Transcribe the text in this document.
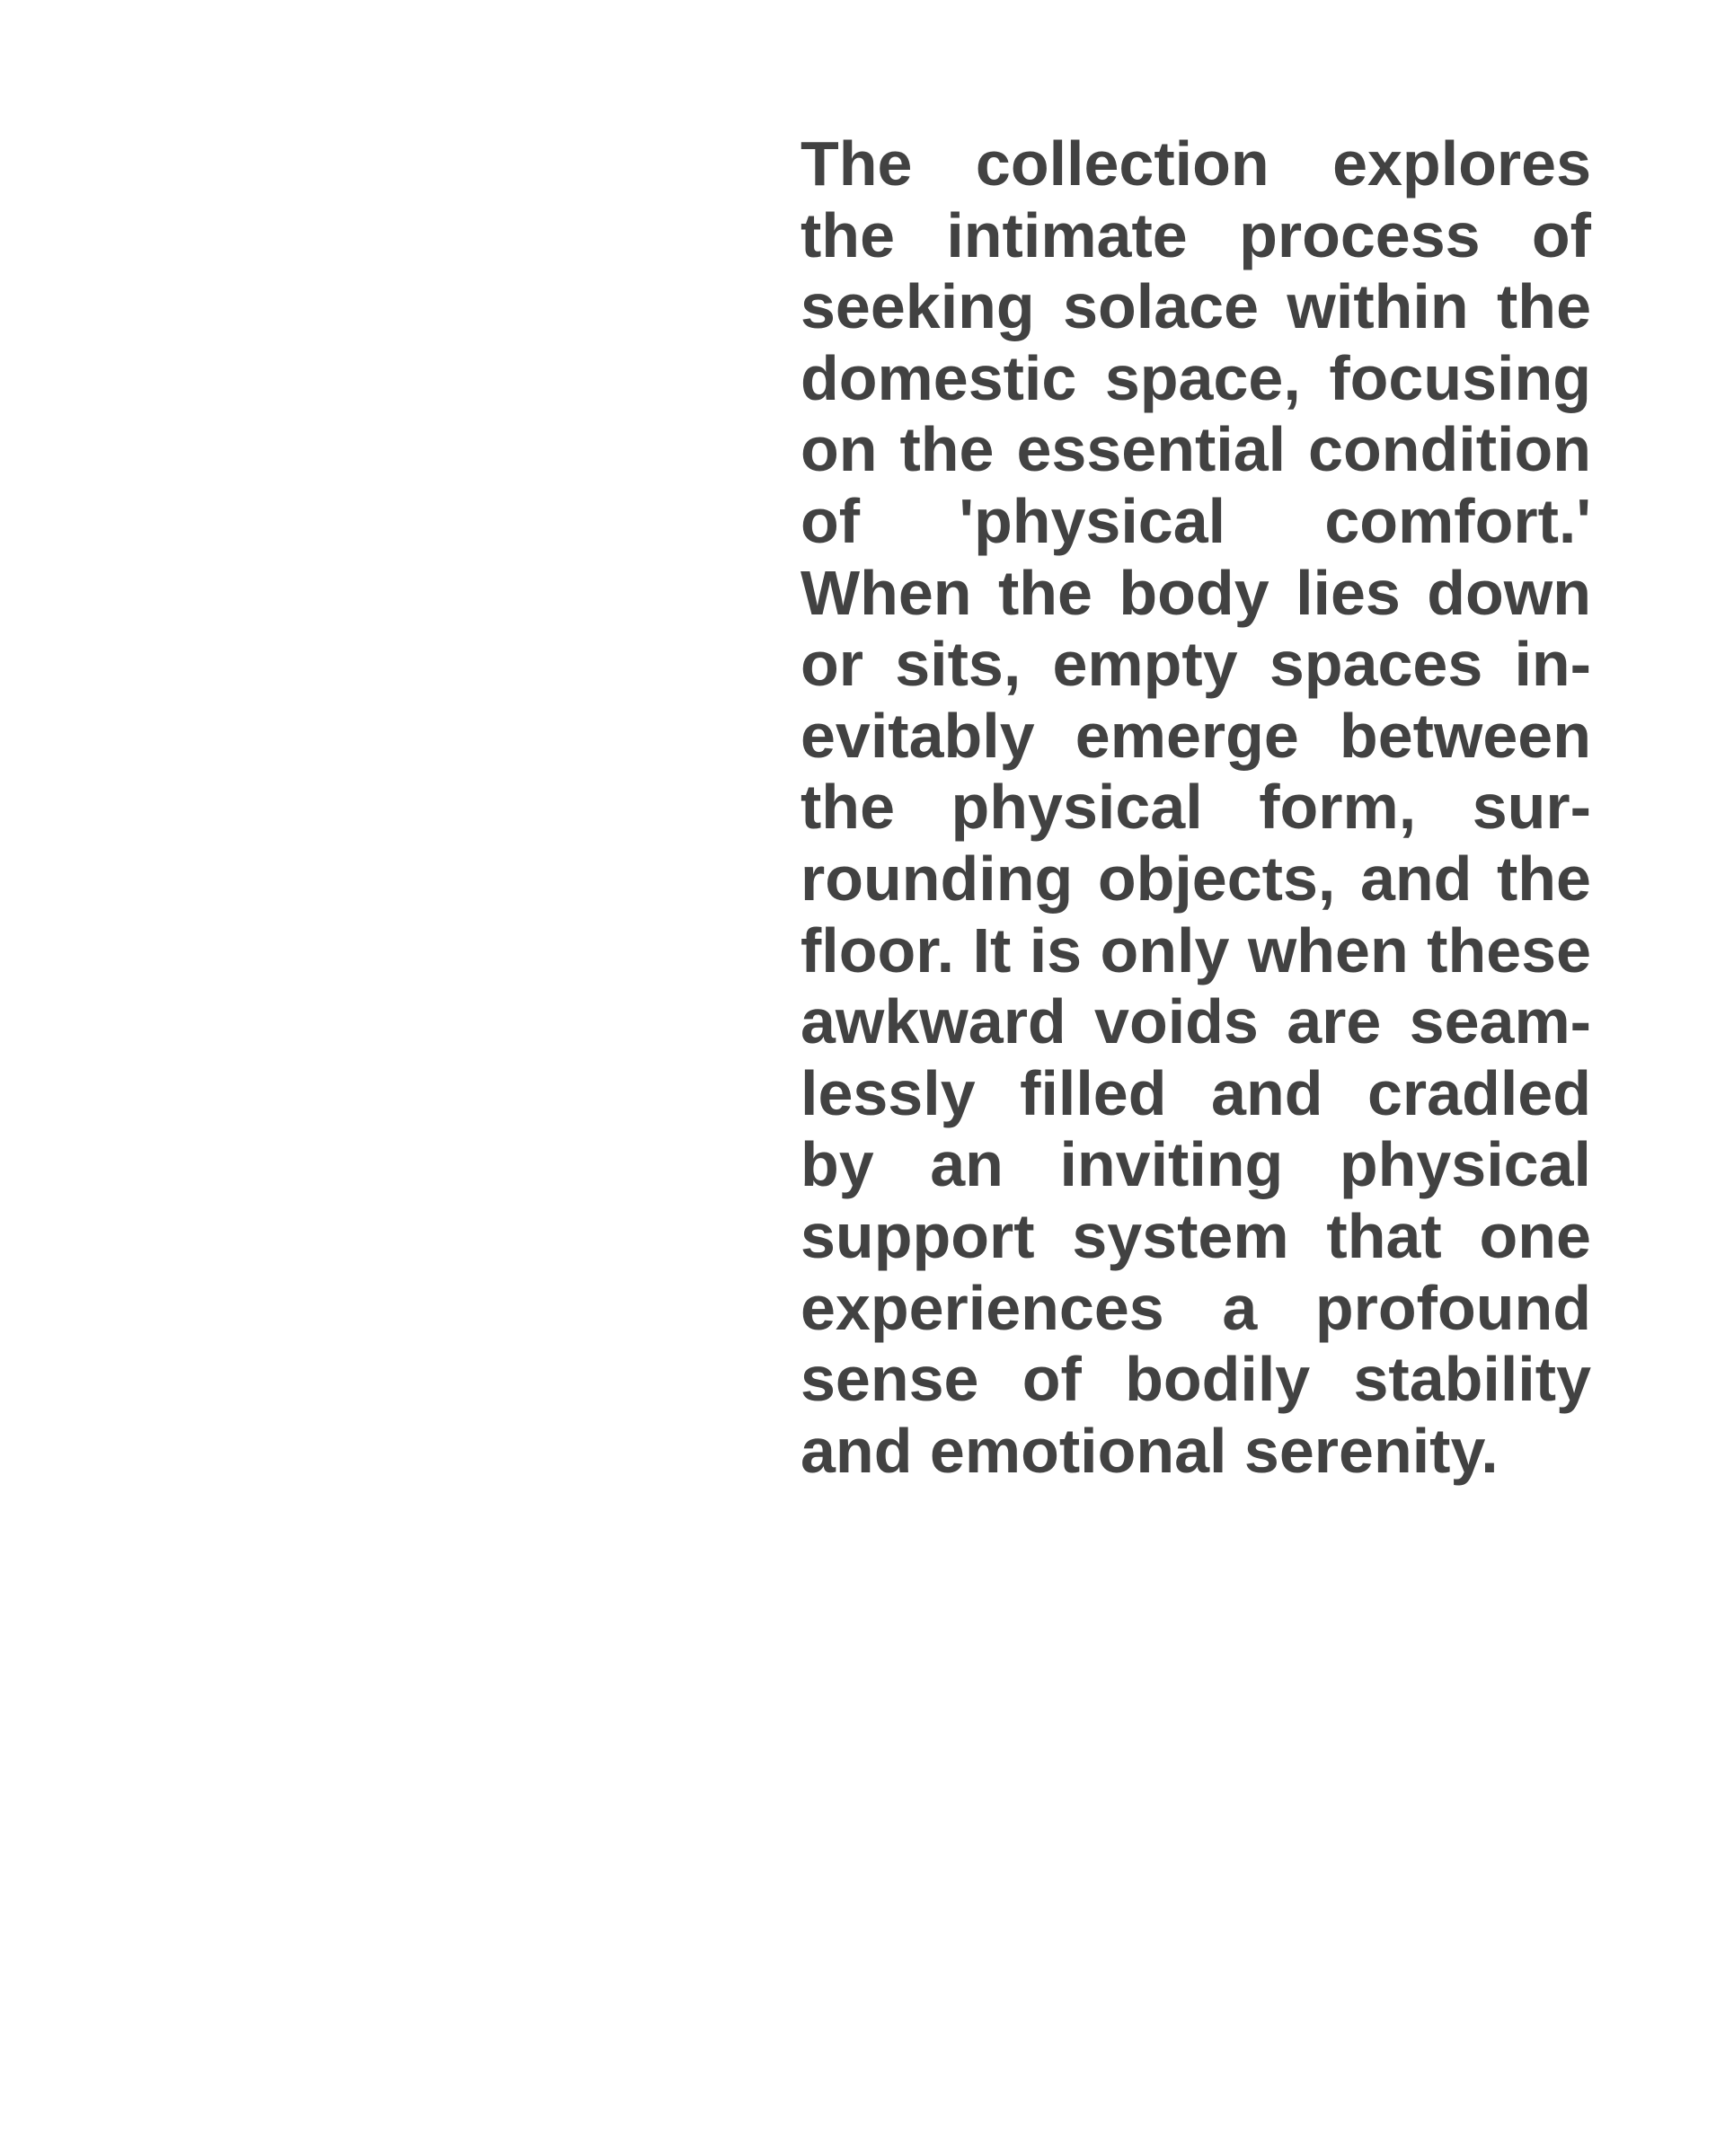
The collection explores
the intimate process of
seeking solace within the
domestic space, focusing
on the essential condition
of 'physical comfort.'
When the body lies down
or sits, empty spaces in-
evitably emerge between
the physical form, sur-
rounding objects, and the
floor. It is only when these
awkward voids are seam-
lessly filled and cradled
by an inviting physical
support system that one
experiences a profound
sense of bodily stability
and emotional serenity.
